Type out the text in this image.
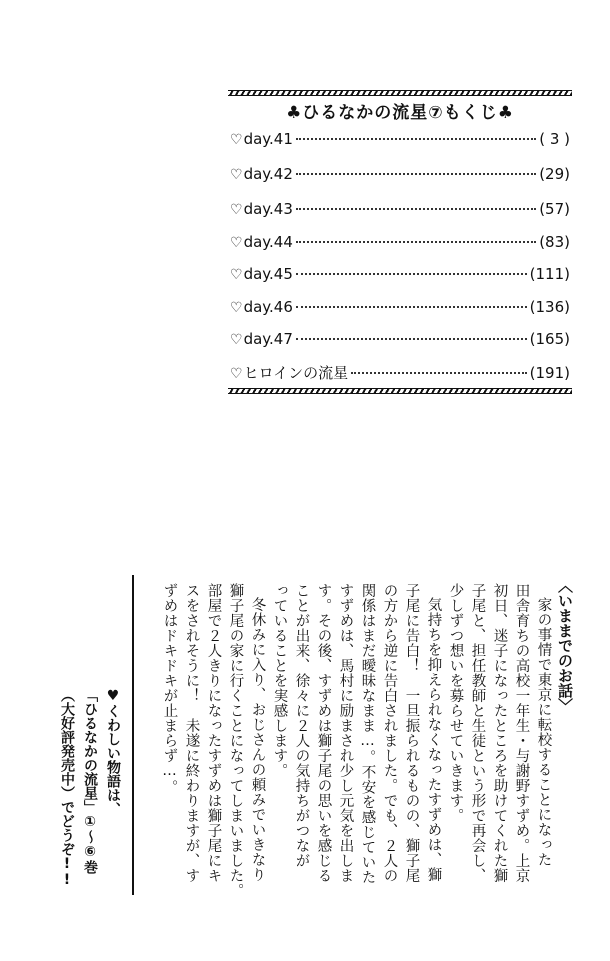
♣ひるなかの流星⑦もくじ♣
♡ day.41	( 3 )
♡ day.42	(29)
♡ day.43	(57)
♡ day.44	(83)
♡ day.45	(111)
♡ day.46	(136)
♡ day.47	(165)
♡ ヒロインの流星	(191)
〈いままでのお話〉
家の事情で東京に転校することになった
田舎育ちの高校一年生・与謝野すずめ。上京
初日、迷子になったところを助けてくれた獅
子尾と、担任教師と生徒という形で再会し、
少しずつ想いを募らせていきます。
気持ちを抑えられなくなったすずめは、獅
子尾に告白！　一旦振られるものの、獅子尾
の方から逆に告白されました。でも、２人の
関係はまだ曖昧なまま…。不安を感じていた
すずめは、馬村に励まされ少し元気を出しま
す。その後、すずめは獅子尾の思いを感じる
ことが出来、徐々に２人の気持ちがつなが
っていることを実感します。
冬休みに入り、おじさんの頼みでいきなり
獅子尾の家に行くことになってしまいました。
部屋で２人きりになったすずめは獅子尾にキ
スをされそうに！　未遂に終わりますが、す
ずめはドキドキが止まらず…。
♥くわしい物語は、
「ひるなかの流星」①〜⑥巻
（大好評発売中）でどうぞ!!
